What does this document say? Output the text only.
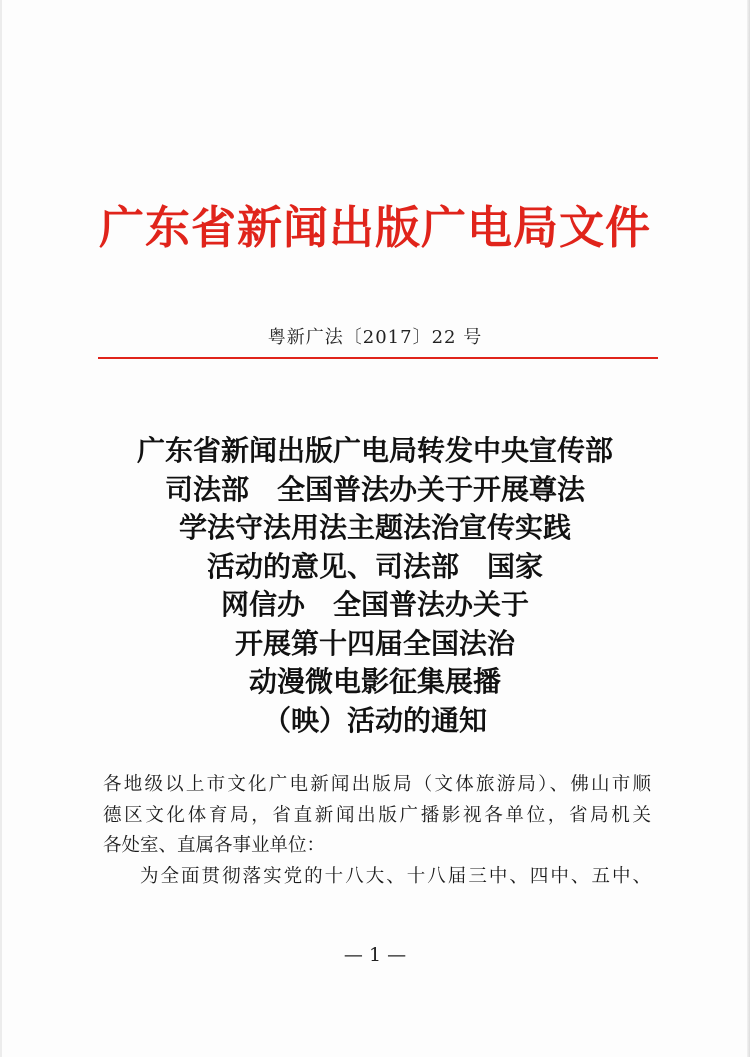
广东省新闻出版广电局文件
粤新广法〔2017〕22 号
广东省新闻出版广电局转发中央宣传部
司法部　全国普法办关于开展尊法
学法守法用法主题法治宣传实践
活动的意见、司法部　国家
网信办　全国普法办关于
开展第十四届全国法治
动漫微电影征集展播
（映）活动的通知
各地级以上市文化广电新闻出版局（文体旅游局）、佛山市顺
德区文化体育局，省直新闻出版广播影视各单位，省局机关
各处室、直属各事业单位：
为全面贯彻落实党的十八大、十八届三中、四中、五中、
— 1 —
